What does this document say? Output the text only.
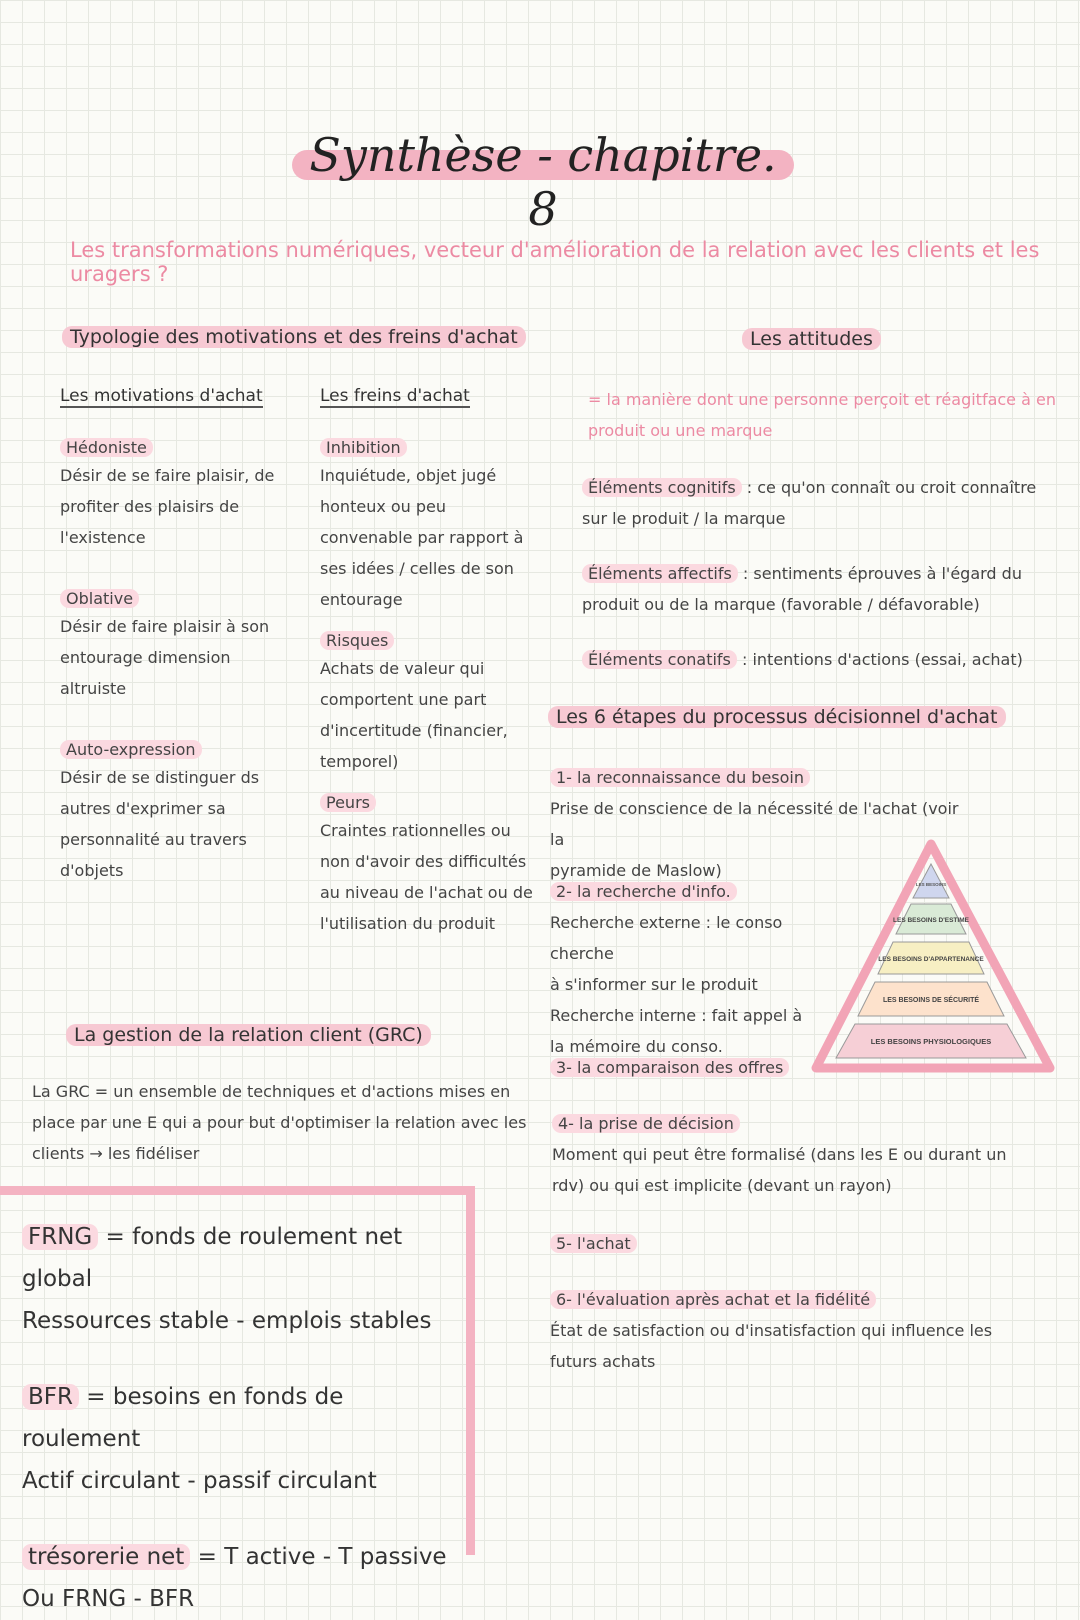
Synthèse - chapitre. 8
Les transformations numériques, vecteur d'amélioration de la relation avec les clients et les uragers ?
Typologie des motivations et des freins d'achat
Les motivations d'achat
Hédoniste
Désir de se faire plaisir, de
profiter des plaisirs de
l'existence
Oblative
Désir de faire plaisir à son
entourage dimension
altruiste
Auto-expression
Désir de se distinguer ds
autres d'exprimer sa
personnalité au travers
d'objets
Les freins d'achat
Inhibition
Inquiétude, objet jugé
honteux ou peu
convenable par rapport à
ses idées / celles de son
entourage
Risques
Achats de valeur qui
comportent une part
d'incertitude (financier,
temporel)
Peurs
Craintes rationnelles ou
non d'avoir des difficultés
au niveau de l'achat ou de
l'utilisation du produit
Les attitudes
= la manière dont une personne perçoit et réagitface à en
produit ou une marque
Éléments cognitifs : ce qu'on connaît ou croit connaître
sur le produit / la marque
Éléments affectifs : sentiments éprouves à l'égard du
produit ou de la marque (favorable / défavorable)
Éléments conatifs : intentions d'actions (essai, achat)
Les 6 étapes du processus décisionnel d'achat
1- la reconnaissance du besoin
Prise de conscience de la nécessité de l'achat (voir la
pyramide de Maslow)
2- la recherche d'info.
Recherche externe : le conso cherche
à s'informer sur le produit
Recherche interne : fait appel à
la mémoire du conso.
3- la comparaison des offres
4- la prise de décision
Moment qui peut être formalisé (dans les E ou durant un
rdv) ou qui est implicite (devant un rayon)
5- l'achat
6- l'évaluation après achat et la fidélité
État de satisfaction ou d'insatisfaction qui influence les
futurs achats
LES BESOINS
LES BESOINS D'ESTIME
LES BESOINS D'APPARTENANCE
LES BESOINS DE SÉCURITÉ
LES BESOINS PHYSIOLOGIQUES
La gestion de la relation client (GRC)
La GRC = un ensemble de techniques et d'actions mises en
place par une E qui a pour but d'optimiser la relation avec les
clients → les fidéliser
FRNG = fonds de roulement net global
Ressources stable - emplois stables
BFR = besoins en fonds de roulement
Actif circulant - passif circulant
trésorerie net = T active - T passive
Ou FRNG - BFR
